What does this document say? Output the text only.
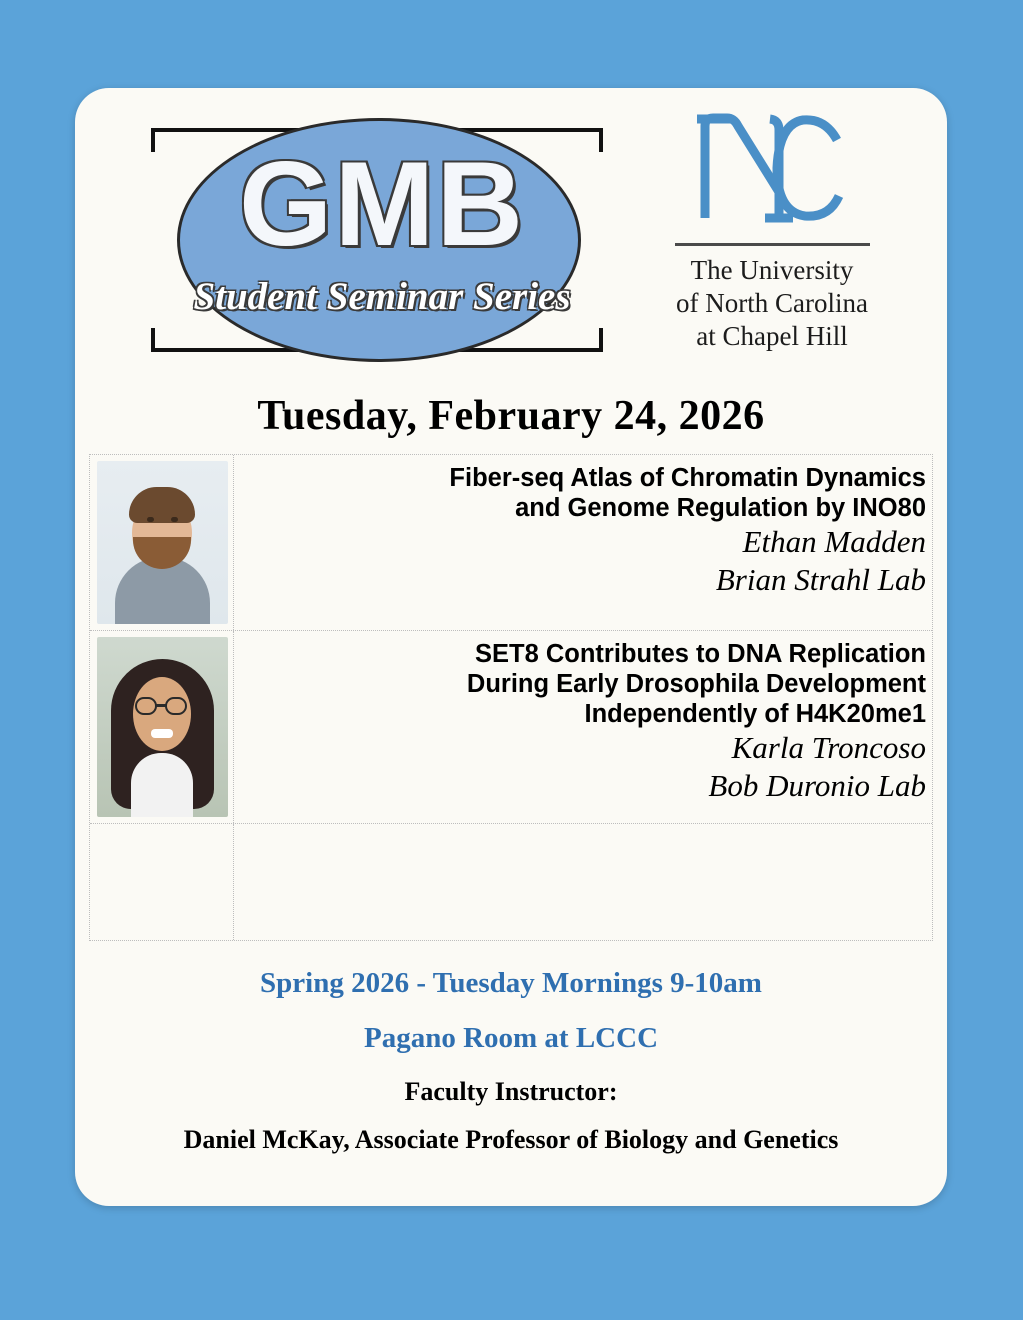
GMB
Student Seminar Series
The University
of North Carolina
at Chapel Hill
Tuesday, February 24, 2026
Fiber-seq Atlas of Chromatin Dynamics
and Genome Regulation by INO80
Ethan Madden
Brian Strahl Lab
SET8 Contributes to DNA Replication
During Early Drosophila Development
Independently of H4K20me1
Karla Troncoso
Bob Duronio Lab
Spring 2026 - Tuesday Mornings 9-10am
Pagano Room at LCCC
Faculty Instructor:
Daniel McKay, Associate Professor of Biology and Genetics
